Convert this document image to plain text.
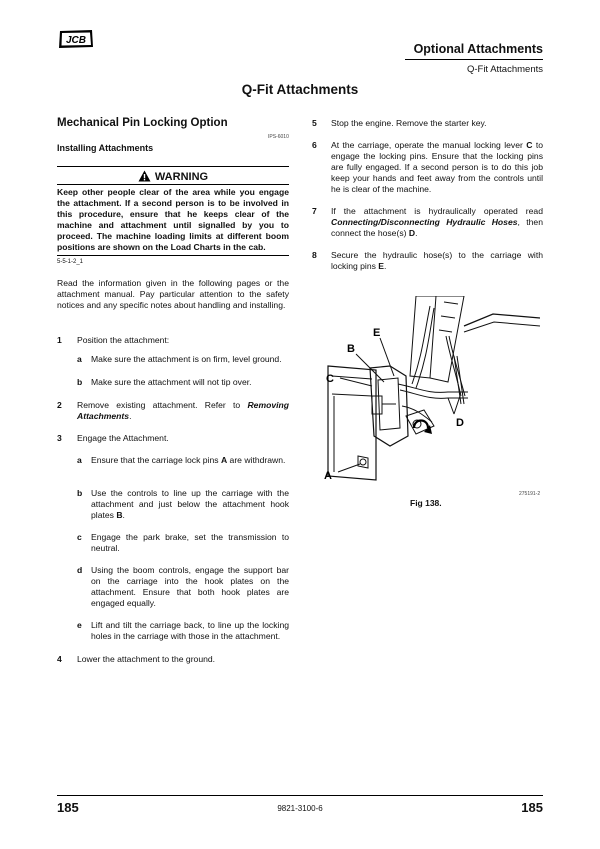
JCB
Optional Attachments
Q-Fit Attachments
Q-Fit Attachments
Mechanical Pin Locking Option
IPS-6010
Installing Attachments
WARNING
Keep other people clear of the area while you engage the attachment. If a second person is to be involved in this procedure, ensure that he keeps clear of the machine and attachment until signalled by you to proceed. The machine loading limits at different boom positions are shown on the Load Charts in the cab.
5-5-1-2_1
Read the information given in the following pages or the attachment manual. Pay particular attention to the safety notices and any specific notes about handling and installing.
1 Position the attachment:
a Make sure the attachment is on firm, level ground.
b Make sure the attachment will not tip over.
2 Remove existing attachment. Refer to Removing Attachments.
3 Engage the Attachment.
a Ensure that the carriage lock pins A are withdrawn.
b Use the controls to line up the carriage with the attachment and just below the attachment hook plates B.
c Engage the park brake, set the transmission to neutral.
d Using the boom controls, engage the support bar on the carriage into the hook plates on the attachment. Ensure that both hook plates are engaged equally.
e Lift and tilt the carriage back, to line up the locking holes in the carriage with those in the attachment.
4 Lower the attachment to the ground.
5 Stop the engine. Remove the starter key.
6 At the carriage, operate the manual locking lever C to engage the locking pins. Ensure that the locking pins are fully engaged. If a second person is to do this job keep your hands and feet away from the controls until he is clear of the machine.
7 If the attachment is hydraulically operated read Connecting/Disconnecting Hydraulic Hoses, then connect the hose(s) D.
8 Secure the hydraulic hose(s) to the carriage with locking pins E.
B
E
C
D
A
275191-2
Fig 138.
185	9821-3100-6	185
